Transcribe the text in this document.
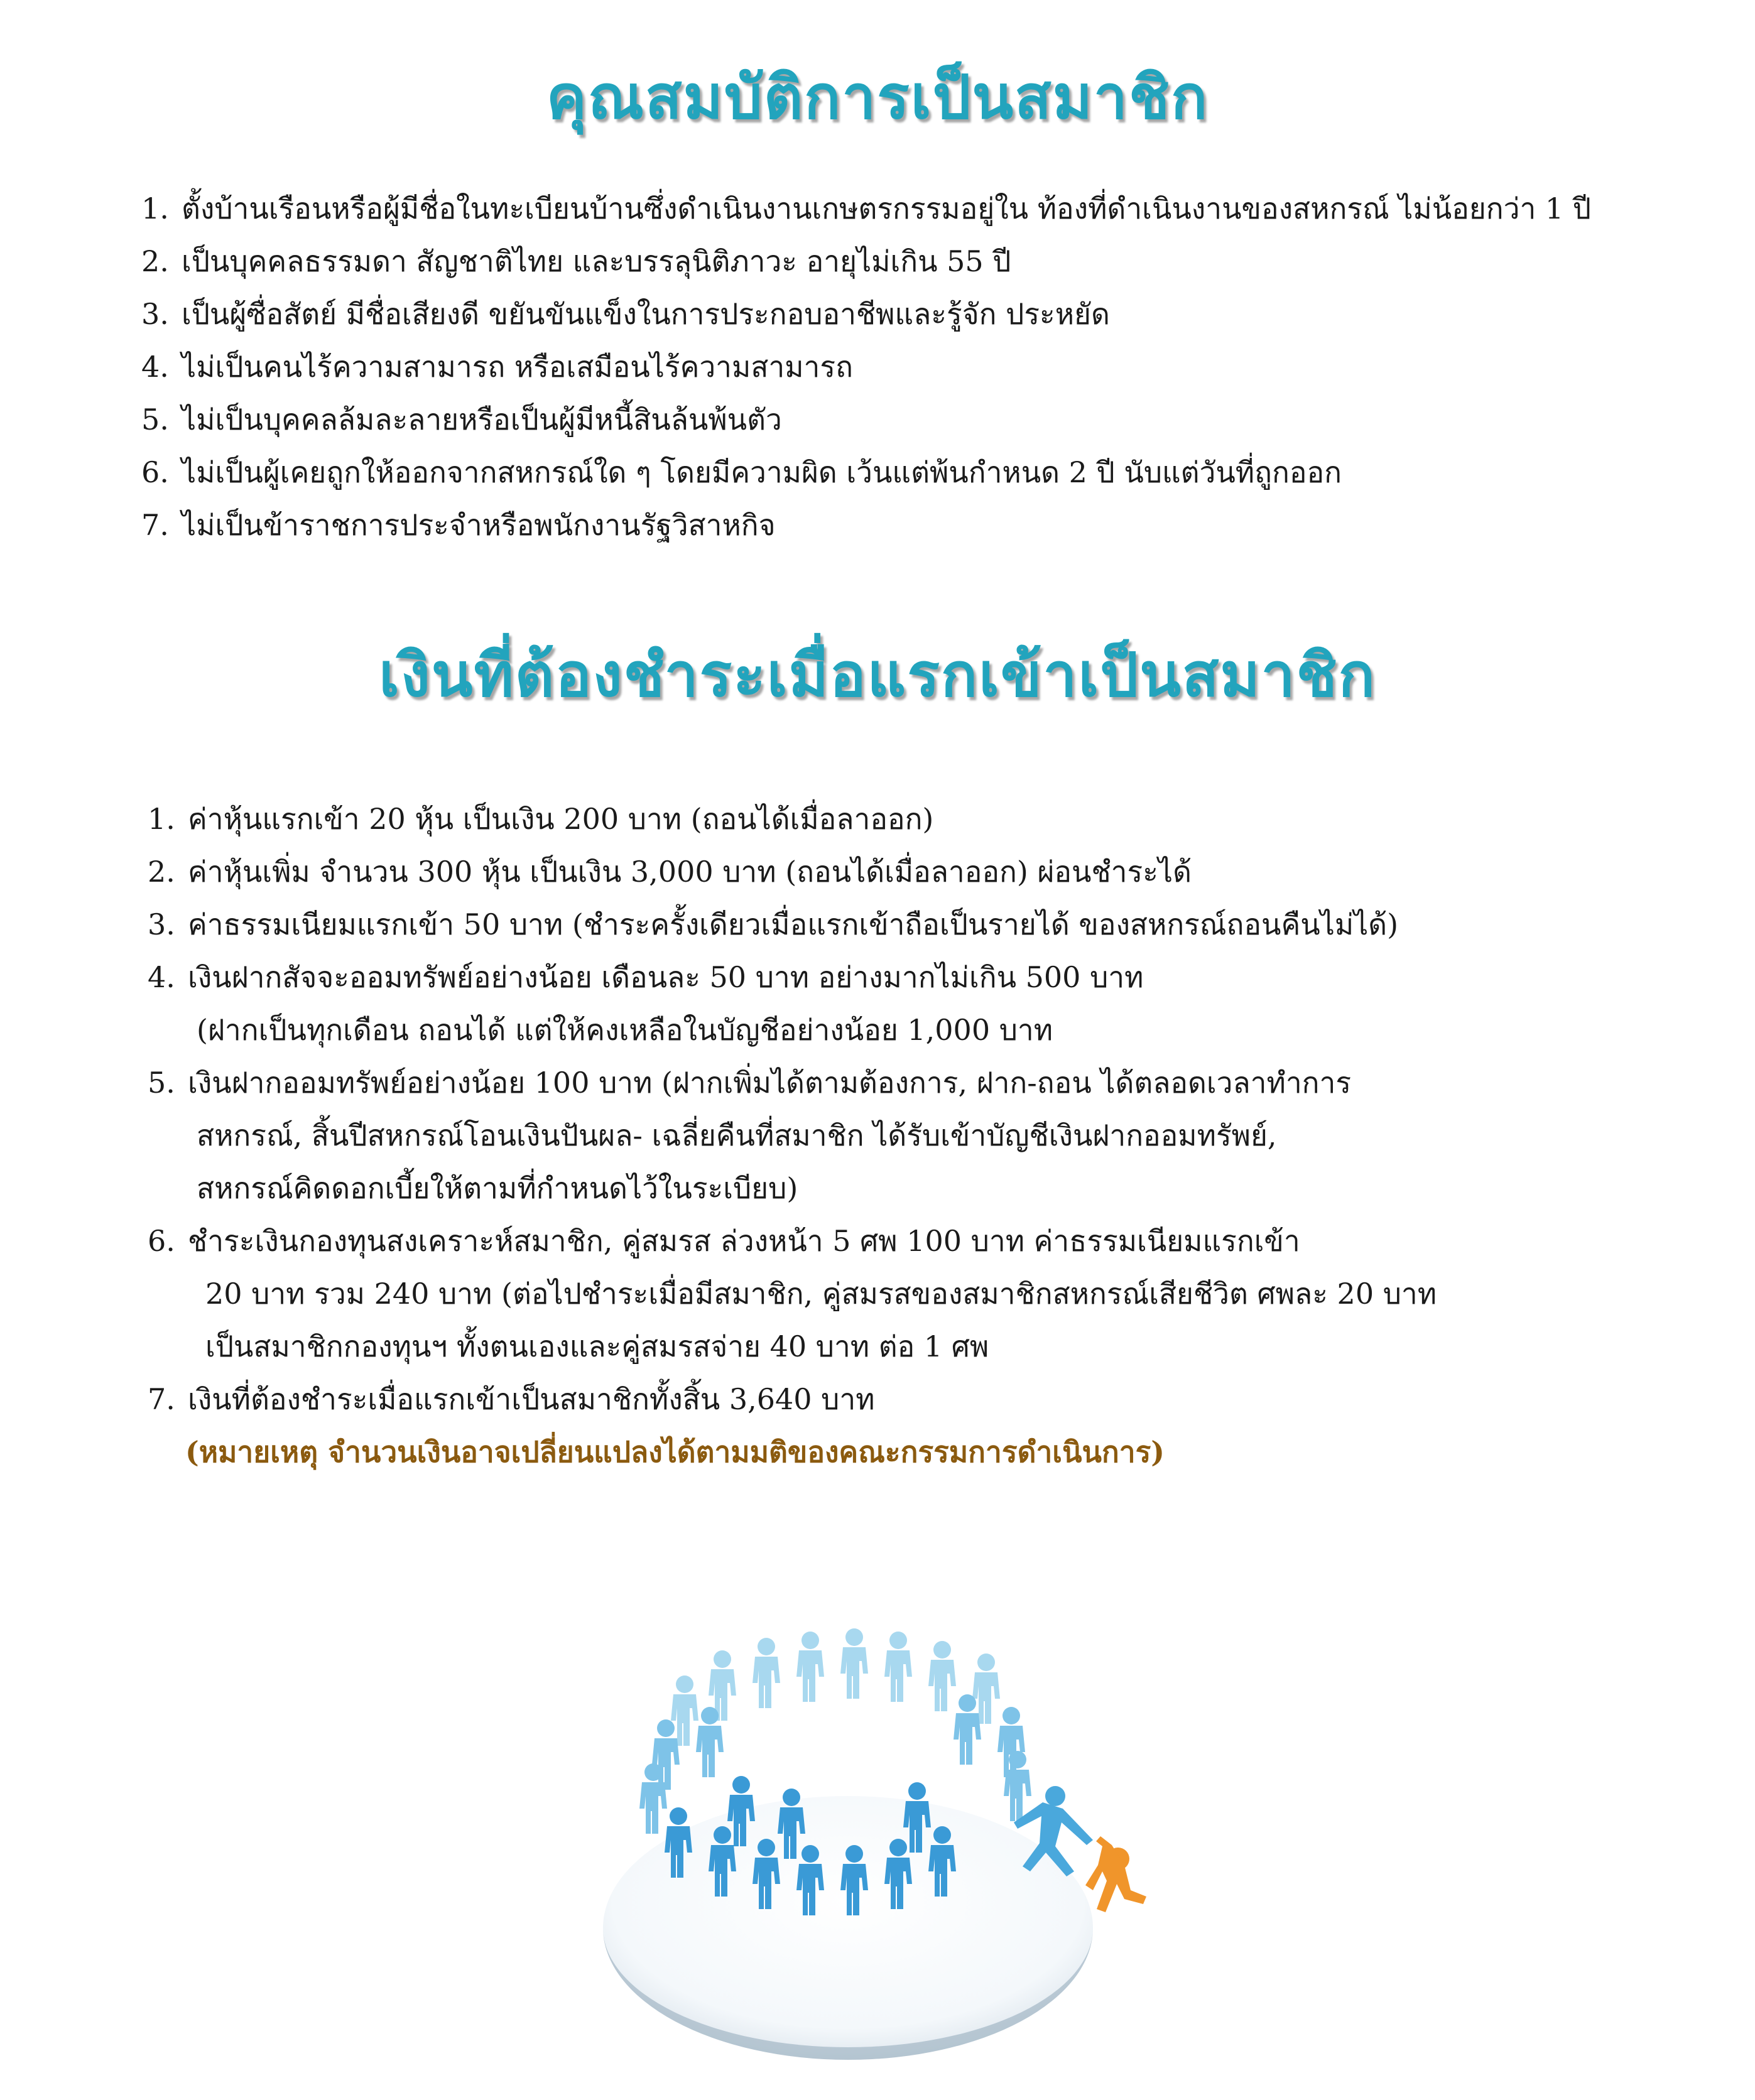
คุณสมบัติการเป็นสมาชิก
1. ตั้งบ้านเรือนหรือผู้มีชื่อในทะเบียนบ้านซึ่งดำเนินงานเกษตรกรรมอยู่ใน ท้องที่ดำเนินงานของสหกรณ์ ไม่น้อยกว่า 1 ปี
2. เป็นบุคคลธรรมดา สัญชาติไทย และบรรลุนิติภาวะ อายุไม่เกิน 55 ปี
3. เป็นผู้ซื่อสัตย์ มีชื่อเสียงดี ขยันขันแข็งในการประกอบอาชีพและรู้จัก ประหยัด
4. ไม่เป็นคนไร้ความสามารถ หรือเสมือนไร้ความสามารถ
5. ไม่เป็นบุคคลล้มละลายหรือเป็นผู้มีหนี้สินล้นพ้นตัว
6. ไม่เป็นผู้เคยถูกให้ออกจากสหกรณ์ใด ๆ โดยมีความผิด เว้นแต่พ้นกำหนด 2 ปี นับแต่วันที่ถูกออก
7. ไม่เป็นข้าราชการประจำหรือพนักงานรัฐวิสาหกิจ
เงินที่ต้องชำระเมื่อแรกเข้าเป็นสมาชิก
1. ค่าหุ้นแรกเข้า 20 หุ้น เป็นเงิน 200 บาท (ถอนได้เมื่อลาออก)
2. ค่าหุ้นเพิ่ม จำนวน 300 หุ้น เป็นเงิน 3,000 บาท (ถอนได้เมื่อลาออก) ผ่อนชำระได้
3. ค่าธรรมเนียมแรกเข้า 50 บาท (ชำระครั้งเดียวเมื่อแรกเข้าถือเป็นรายได้ ของสหกรณ์ถอนคืนไม่ได้)
4. เงินฝากสัจจะออมทรัพย์อย่างน้อย เดือนละ 50 บาท อย่างมากไม่เกิน 500 บาท
(ฝากเป็นทุกเดือน ถอนได้ แต่ให้คงเหลือในบัญชีอย่างน้อย 1,000 บาท
5. เงินฝากออมทรัพย์อย่างน้อย 100 บาท (ฝากเพิ่มได้ตามต้องการ, ฝาก-ถอน ได้ตลอดเวลาทำการ
สหกรณ์, สิ้นปีสหกรณ์โอนเงินปันผล- เฉลี่ยคืนที่สมาชิก ได้รับเข้าบัญชีเงินฝากออมทรัพย์,
สหกรณ์คิดดอกเบี้ยให้ตามที่กำหนดไว้ในระเบียบ)
6. ชำระเงินกองทุนสงเคราะห์สมาชิก, คู่สมรส ล่วงหน้า 5 ศพ 100 บาท ค่าธรรมเนียมแรกเข้า
20 บาท รวม 240 บาท (ต่อไปชำระเมื่อมีสมาชิก, คู่สมรสของสมาชิกสหกรณ์เสียชีวิต ศพละ 20 บาท
เป็นสมาชิกกองทุนฯ ทั้งตนเองและคู่สมรสจ่าย 40 บาท ต่อ 1 ศพ
7. เงินที่ต้องชำระเมื่อแรกเข้าเป็นสมาชิกทั้งสิ้น 3,640 บาท
(หมายเหตุ จำนวนเงินอาจเปลี่ยนแปลงได้ตามมติของคณะกรรมการดำเนินการ)
